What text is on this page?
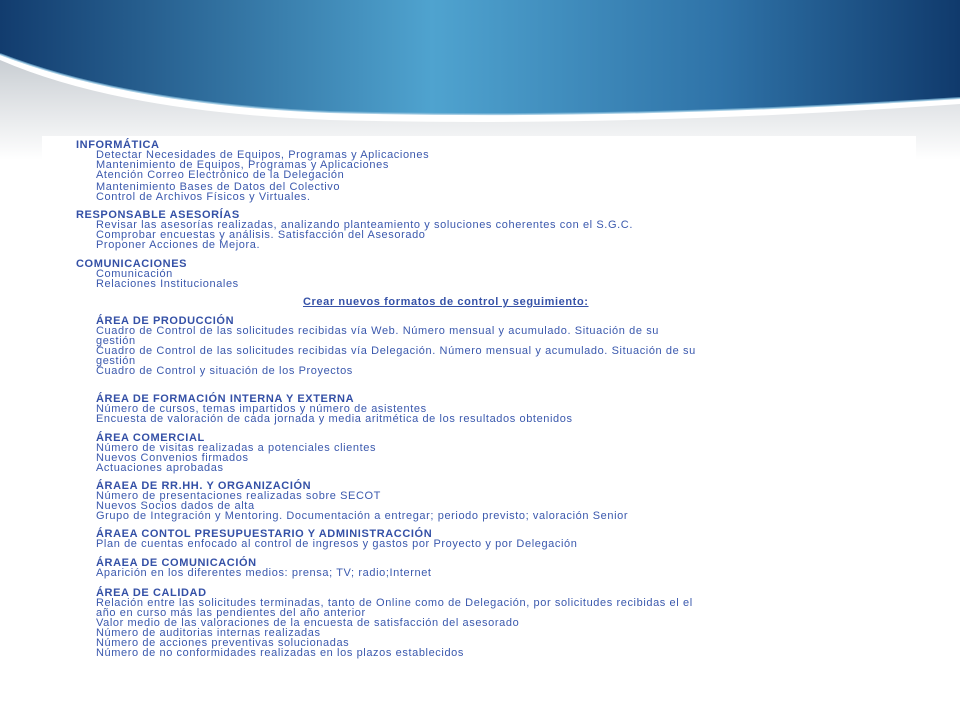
INFORMÁTICA

Detectar Necesidades de Equipos, Programas y Aplicaciones

Mantenimiento de Equipos, Programas y Aplicaciones

Atención Correo Electrónico de la Delegación

Mantenimiento Bases de Datos del Colectivo

Control de Archivos Físicos y Virtuales.

RESPONSABLE ASESORÍAS

Revisar las asesorías realizadas, analizando planteamiento y soluciones coherentes con el S.G.C.

Comprobar encuestas y análisis. Satisfacción del Asesorado

Proponer Acciones de Mejora.

COMUNICACIONES

Comunicación

Relaciones Institucionales

Crear nuevos formatos de control y seguimiento:

ÁREA DE PRODUCCIÓN

Cuadro de Control de las solicitudes recibidas vía Web. Número mensual y acumulado. Situación de su

gestión

Cuadro de Control de las solicitudes recibidas vía Delegación. Número mensual y acumulado. Situación de su

gestión

Cuadro de Control y situación de los Proyectos

ÁREA DE FORMACIÓN INTERNA Y EXTERNA

Número de cursos, temas impartidos y número de asistentes

Encuesta de valoración de cada jornada y media aritmética de los resultados obtenidos

ÁREA COMERCIAL

Número de visitas realizadas a potenciales clientes

Nuevos Convenios firmados

Actuaciones aprobadas

ÁRAEA DE RR.HH. Y ORGANIZACIÓN

Número de presentaciones realizadas sobre SECOT

Nuevos Socios dados de alta

Grupo de Integración y Mentoring. Documentación a entregar; periodo previsto; valoración Senior

ÁRAEA CONTOL PRESUPUESTARIO Y ADMINISTRACCIÓN

Plan de cuentas enfocado al control de ingresos y gastos por Proyecto y por Delegación

ÁRAEA DE COMUNICACIÓN

Aparición en los diferentes medios: prensa; TV; radio;Internet

ÁREA DE CALIDAD

Relación entre las solicitudes terminadas, tanto de Online como de Delegación, por solicitudes recibidas el el

año en curso más las pendientes del año anterior

Valor medio de las valoraciones de la encuesta de satisfacción del asesorado

Número de auditorias internas realizadas

Número de acciones preventivas solucionadas

Número de no conformidades realizadas en los plazos establecidos
